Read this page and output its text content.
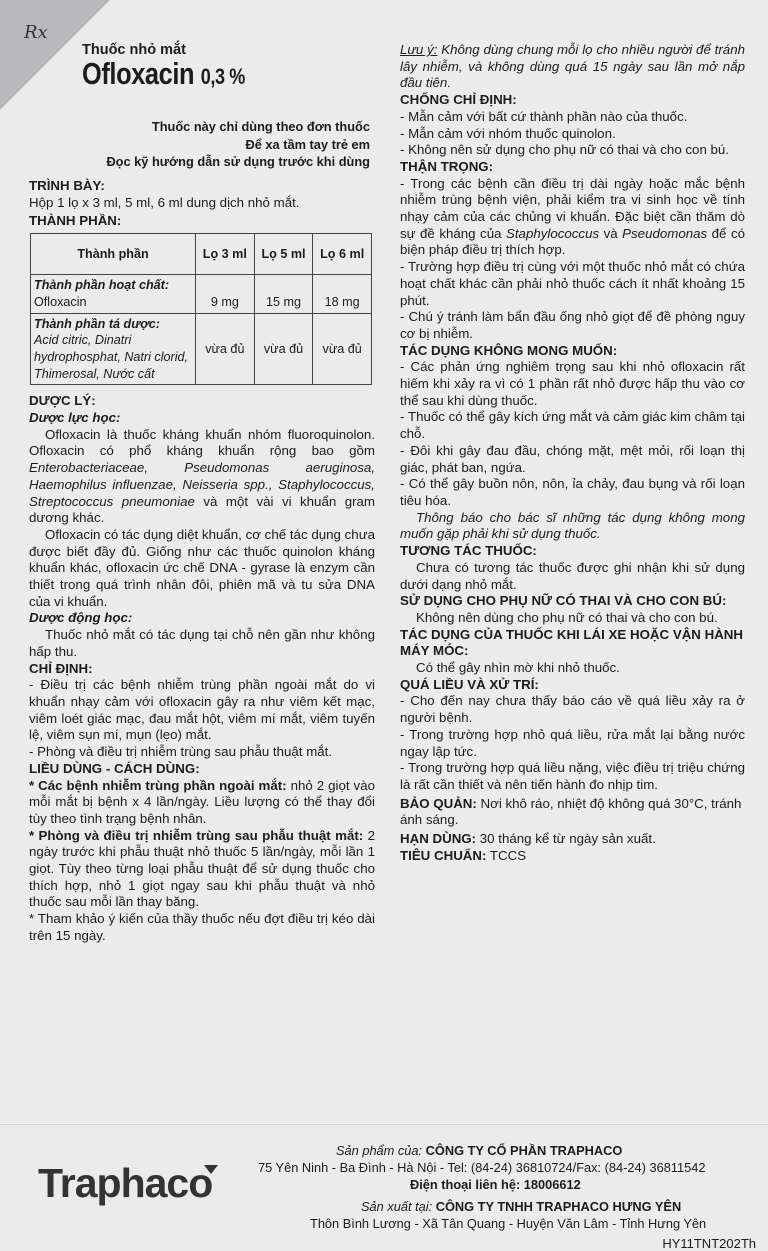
Rx
Thuốc nhỏ mắt
Ofloxacin 0,3 %
Thuốc này chỉ dùng theo đơn thuốc
Để xa tầm tay trẻ em
Đọc kỹ hướng dẫn sử dụng trước khi dùng
TRÌNH BÀY:

Hộp 1 lọ x 3 ml, 5 ml, 6 ml dung dịch nhỏ mắt.

THÀNH PHẦN:
Thành phần	Lọ 3 ml	Lọ 5 ml	Lọ 6 ml

Thành phần hoạt chất:
Ofloxacin	9 mg	15 mg	18 mg

Thành phần tá dược:
Acid citric, Dinatri hydrophosphat, Natri clorid, Thimerosal, Nước cất	vừa đủ	vừa đủ	vừa đủ
DƯỢC LÝ:
Dược lực học:

Ofloxacin là thuốc kháng khuẩn nhóm fluoroquinolon. Ofloxacin có phổ kháng khuẩn rộng bao gồm Enterobacteriaceae, Pseudomonas aeruginosa, Haemophilus influenzae, Neisseria spp., Staphylococcus, Streptococcus pneumoniae và một vài vi khuẩn gram dương khác.

Ofloxacin có tác dụng diệt khuẩn, cơ chế tác dụng chưa được biết đầy đủ. Giống như các thuốc quinolon kháng khuẩn khác, ofloxacin ức chế DNA - gyrase là enzym cần thiết trong quá trình nhân đôi, phiên mã và tu sửa DNA của vi khuẩn.

Dược động học:

Thuốc nhỏ mắt có tác dụng tại chỗ nên gần như không hấp thu.

CHỈ ĐỊNH:

- Điều trị các bệnh nhiễm trùng phần ngoài mắt do vi khuẩn nhạy cảm với ofloxacin gây ra như viêm kết mạc, viêm loét giác mạc, đau mắt hột, viêm mí mắt, viêm tuyến lệ, viêm sụn mí, mụn (lẹo) mắt.

- Phòng và điều trị nhiễm trùng sau phẫu thuật mắt.

LIỀU DÙNG - CÁCH DÙNG:

* Các bệnh nhiễm trùng phần ngoài mắt: nhỏ 2 giọt vào mỗi mắt bị bệnh x 4 lần/ngày. Liều lượng có thể thay đổi tùy theo tình trạng bệnh nhân.

* Phòng và điều trị nhiễm trùng sau phẫu thuật mắt: 2 ngày trước khi phẫu thuật nhỏ thuốc 5 lần/ngày, mỗi lần 1 giọt. Tùy theo từng loại phẫu thuật để sử dụng thuốc cho thích hợp, nhỏ 1 giọt ngay sau khi phẫu thuật và nhỏ thuốc sau mỗi lần thay băng.

* Tham khảo ý kiến của thầy thuốc nếu đợt điều trị kéo dài trên 15 ngày.

Lưu ý: Không dùng chung mỗi lọ cho nhiều người để tránh lây nhiễm, và không dùng quá 15 ngày sau lần mở nắp đầu tiên.

CHỐNG CHỈ ĐỊNH:

- Mẫn cảm với bất cứ thành phần nào của thuốc.

- Mẫn cảm với nhóm thuốc quinolon.

- Không nên sử dụng cho phụ nữ có thai và cho con bú.

THẬN TRỌNG:

- Trong các bệnh cần điều trị dài ngày hoặc mắc bệnh nhiễm trùng bệnh viện, phải kiểm tra vi sinh học về tính nhạy cảm của các chủng vi khuẩn. Đặc biệt cần thăm dò sự đề kháng của Staphylococcus và Pseudomonas để có biện pháp điều trị thích hợp.

- Trường hợp điều trị cùng với một thuốc nhỏ mắt có chứa hoạt chất khác cần phải nhỏ thuốc cách ít nhất khoảng 15 phút.

- Chú ý tránh làm bẩn đầu ống nhỏ giọt để đề phòng nguy cơ bị nhiễm.

TÁC DỤNG KHÔNG MONG MUỐN:

- Các phản ứng nghiêm trọng sau khi nhỏ ofloxacin rất hiếm khi xảy ra vì có 1 phần rất nhỏ được hấp thu vào cơ thể sau khi dùng thuốc.

- Thuốc có thể gây kích ứng mắt và cảm giác kim châm tại chỗ.

- Đôi khi gây đau đầu, chóng mặt, mệt mỏi, rối loạn thị giác, phát ban, ngứa.

- Có thể gây buồn nôn, nôn, ỉa chảy, đau bụng và rối loạn tiêu hóa.

Thông báo cho bác sĩ những tác dụng không mong muốn gặp phải khi sử dụng thuốc.

TƯƠNG TÁC THUỐC:

Chưa có tương tác thuốc được ghi nhận khi sử dụng dưới dạng nhỏ mắt.

SỬ DỤNG CHO PHỤ NỮ CÓ THAI VÀ CHO CON BÚ:

Không nên dùng cho phụ nữ có thai và cho con bú.

TÁC DỤNG CỦA THUỐC KHI LÁI XE HOẶC VẬN HÀNH MÁY MÓC:

Có thể gây nhìn mờ khi nhỏ thuốc.

QUÁ LIỀU VÀ XỬ TRÍ:

- Cho đến nay chưa thấy báo cáo về quá liều xảy ra ở người bệnh.

- Trong trường hợp nhỏ quá liều, rửa mắt lại bằng nước ngay lập tức.

- Trong trường hợp quá liều nặng, việc điều trị triệu chứng là rất cần thiết và nên tiến hành đo nhịp tim.

BẢO QUẢN: Nơi khô ráo, nhiệt độ không quá 30°C, tránh ánh sáng.

HẠN DÙNG: 30 tháng kể từ ngày sản xuất.

TIÊU CHUẨN: TCCS

Traphaco
Sản phẩm của: CÔNG TY CỔ PHẦN TRAPHACO
75 Yên Ninh - Ba Đình - Hà Nội - Tel: (84-24) 36810724/Fax: (84-24) 36811542
Điện thoại liên hệ: 18006612
Sản xuất tại: CÔNG TY TNHH TRAPHACO HƯNG YÊN
Thôn Bình Lương - Xã Tân Quang - Huyện Văn Lâm - Tỉnh Hưng Yên
HY11TNT202Th
